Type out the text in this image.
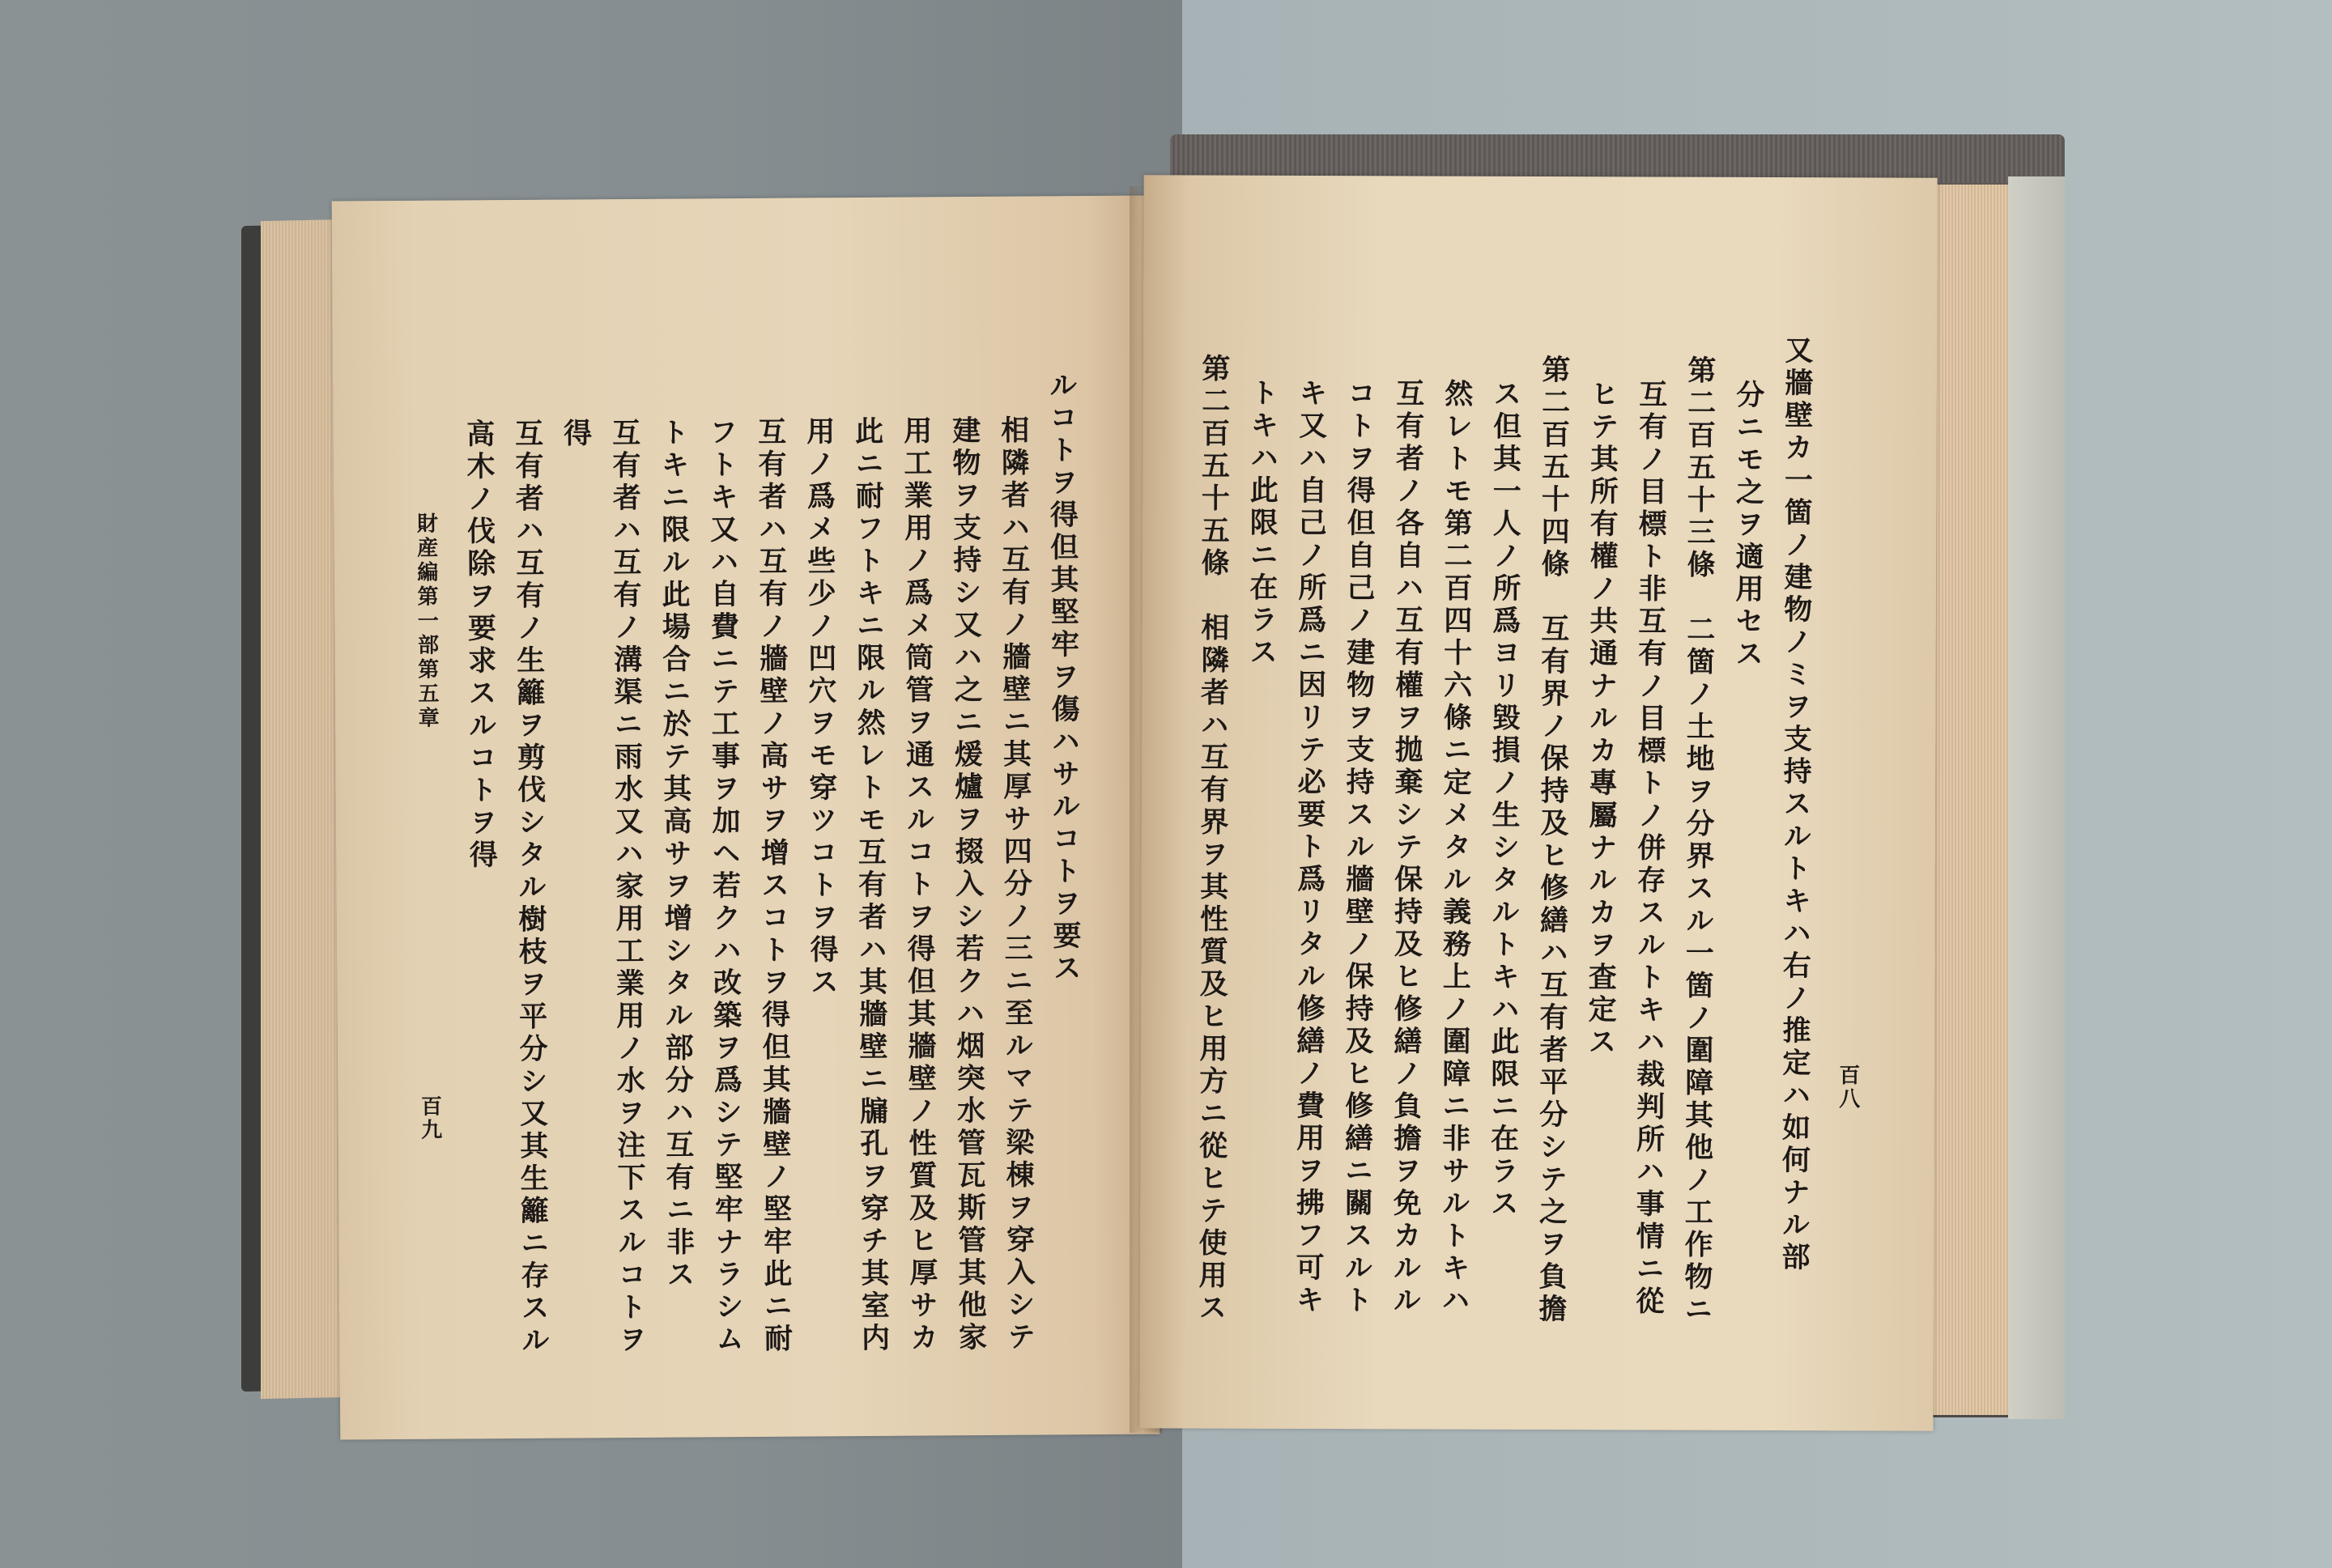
ルコトヲ得但其堅牢ヲ傷ハサルコトヲ要ス
相隣者ハ互有ノ牆壁ニ其厚サ四分ノ三ニ至ルマテ梁棟ヲ穿入シテ
建物ヲ支持シ又ハ之ニ煖爐ヲ掇入シ若クハ烟突水管瓦斯管其他家
用工業用ノ爲メ筒管ヲ通スルコトヲ得但其牆壁ノ性質及ヒ厚サカ
此ニ耐フトキニ限ル然レトモ互有者ハ其牆壁ニ牖孔ヲ穿チ其室内
用ノ爲メ些少ノ凹穴ヲモ穿ツコトヲ得ス
互有者ハ互有ノ牆壁ノ高サヲ增スコトヲ得但其牆壁ノ堅牢此ニ耐
フトキ又ハ自費ニテ工事ヲ加ヘ若クハ改築ヲ爲シテ堅牢ナラシム
トキニ限ル此場合ニ於テ其高サヲ增シタル部分ハ互有ニ非ス
互有者ハ互有ノ溝渠ニ雨水又ハ家用工業用ノ水ヲ注下スルコトヲ
得
互有者ハ互有ノ生籬ヲ剪伐シタル樹枝ヲ平分シ又其生籬ニ存スル
高木ノ伐除ヲ要求スルコトヲ得
財産編第一部第五章
百九
百八
又牆壁カ一箇ノ建物ノミヲ支持スルトキハ右ノ推定ハ如何ナル部
分ニモ之ヲ適用セス
第二百五十三條　二箇ノ土地ヲ分界スル一箇ノ圍障其他ノ工作物ニ
互有ノ目標ト非互有ノ目標トノ併存スルトキハ裁判所ハ事情ニ從
ヒテ其所有權ノ共通ナルカ專屬ナルカヲ査定ス
第二百五十四條　互有界ノ保持及ヒ修繕ハ互有者平分シテ之ヲ負擔
ス但其一人ノ所爲ヨリ毀損ノ生シタルトキハ此限ニ在ラス
然レトモ第二百四十六條ニ定メタル義務上ノ圍障ニ非サルトキハ
互有者ノ各自ハ互有權ヲ拋棄シテ保持及ヒ修繕ノ負擔ヲ免カルル
コトヲ得但自己ノ建物ヲ支持スル牆壁ノ保持及ヒ修繕ニ關スルト
キ又ハ自己ノ所爲ニ因リテ必要ト爲リタル修繕ノ費用ヲ拂フ可キ
トキハ此限ニ在ラス
第二百五十五條　相隣者ハ互有界ヲ其性質及ヒ用方ニ從ヒテ使用ス
